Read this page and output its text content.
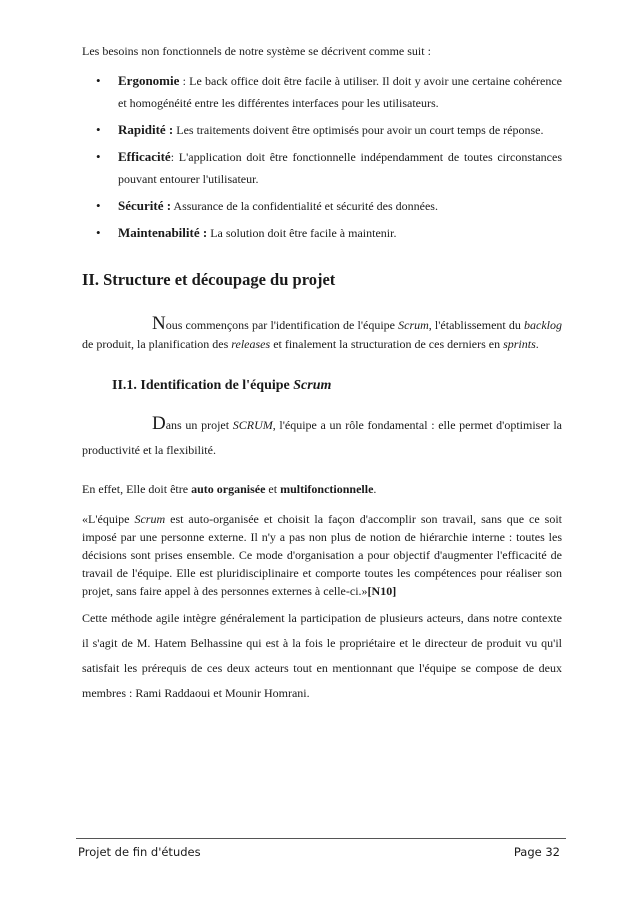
Les besoins non fonctionnels de notre système se décrivent comme suit :
• Ergonomie : Le back office doit être facile à utiliser. Il doit y avoir une certaine cohérence et homogénéité entre les différentes interfaces pour les utilisateurs.
• Rapidité : Les traitements doivent être optimisés pour avoir un court temps de réponse.
• Efficacité: L'application doit être fonctionnelle indépendamment de toutes circonstances pouvant entourer l'utilisateur.
• Sécurité : Assurance de la confidentialité et sécurité des données.
• Maintenabilité : La solution doit être facile à maintenir.
II. Structure et découpage du projet

Nous commençons par l'identification de l'équipe Scrum, l'établissement du backlog de produit, la planification des releases et finalement la structuration de ces derniers en sprints.

II.1. Identification de l'équipe Scrum

Dans un projet SCRUM, l'équipe a un rôle fondamental : elle permet d'optimiser la productivité et la flexibilité.

En effet, Elle doit être auto organisée et multifonctionnelle.

«L'équipe Scrum est auto-organisée et choisit la façon d'accomplir son travail, sans que ce soit imposé par une personne externe. Il n'y a pas non plus de notion de hiérarchie interne : toutes les décisions sont prises ensemble. Ce mode d'organisation a pour objectif d'augmenter l'efficacité de travail de l'équipe. Elle est pluridisciplinaire et comporte toutes les compétences pour réaliser son projet, sans faire appel à des personnes externes à celle-ci.»[N10]

Cette méthode agile intègre généralement la participation de plusieurs acteurs, dans notre contexte il s'agit de M. Hatem Belhassine qui est à la fois le propriétaire et le directeur de produit vu qu'il satisfait les prérequis de ces deux acteurs tout en mentionnant que l'équipe se compose de deux membres : Rami Raddaoui et Mounir Homrani.

Projet de fin d'études	Page 32
